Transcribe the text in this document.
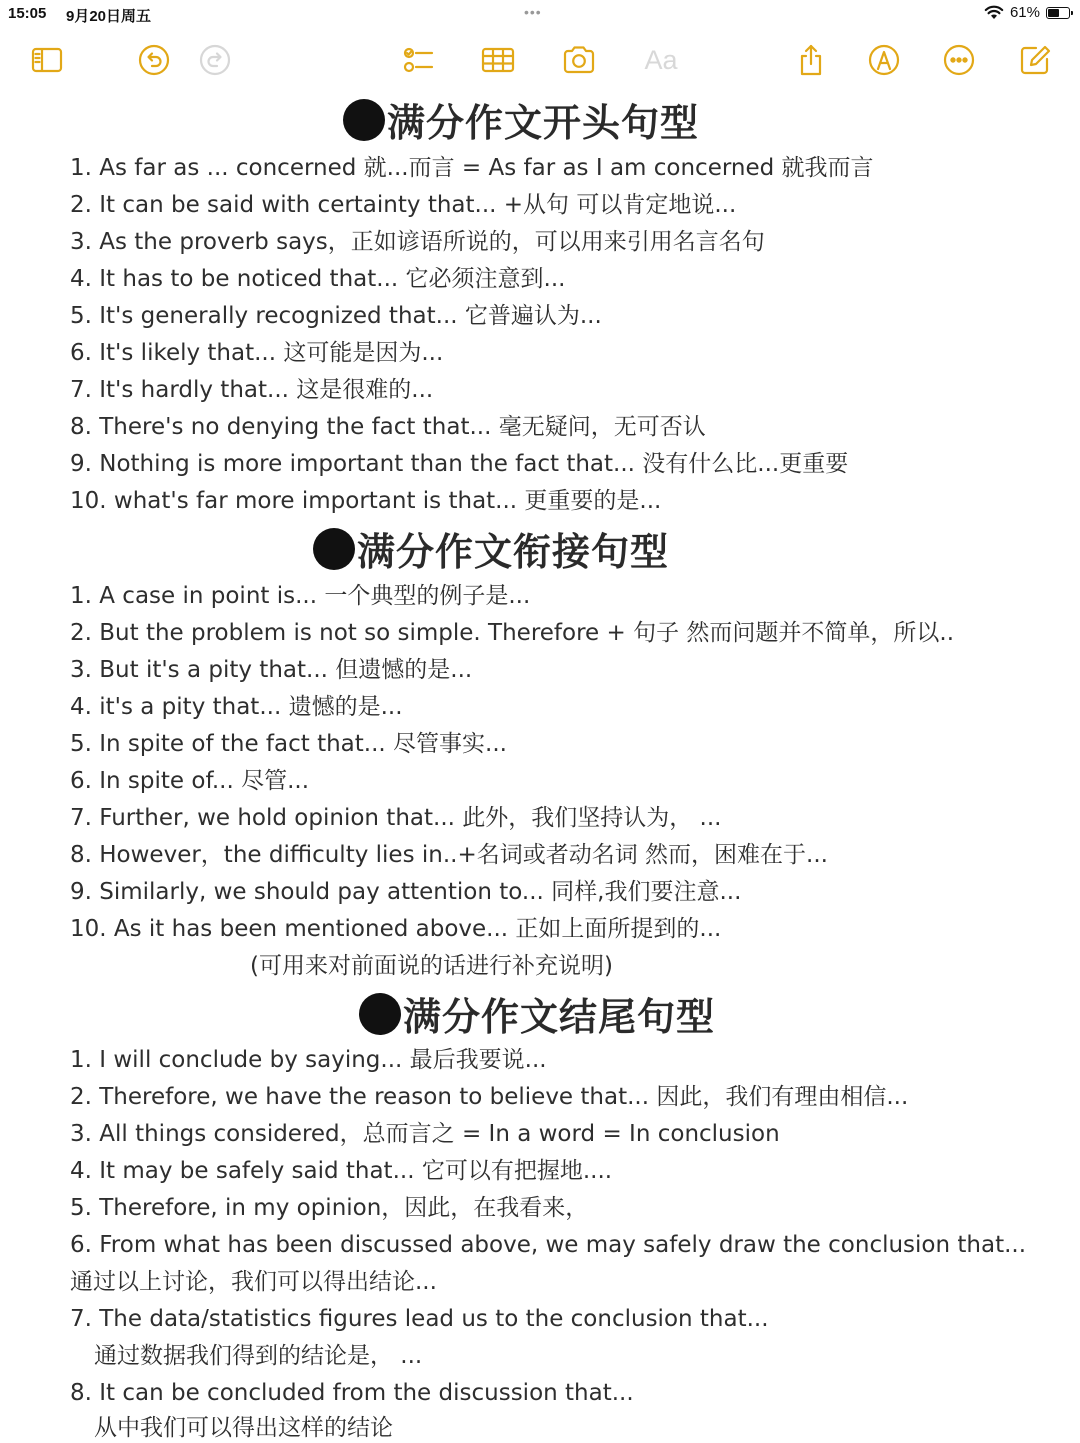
15:05 9月20日周五	•••	61%
Aa
满分作文开头句型
1. As far as ... concerned 就...而言 = As far as I am concerned 就我而言
2. It can be said with certainty that... +从句 可以肯定地说...
3. As the proverb says，正如谚语所说的，可以用来引用名言名句
4. It has to be noticed that... 它必须注意到...
5. It's generally recognized that... 它普遍认为...
6. It's likely that... 这可能是因为...
7. It's hardly that... 这是很难的...
8. There's no denying the fact that... 毫无疑问，无可否认
9. Nothing is more important than the fact that... 没有什么比...更重要
10. what's far more important is that... 更重要的是...
满分作文衔接句型
1. A case in point is... 一个典型的例子是...
2. But the problem is not so simple. Therefore + 句子 然而问题并不简单，所以..
3. But it's a pity that... 但遗憾的是...
4. it's a pity that... 遗憾的是...
5. In spite of the fact that... 尽管事实...
6. In spite of... 尽管...
7. Further, we hold opinion that... 此外，我们坚持认为， ...
8. However，the difficulty lies in..+名词或者动名词 然而，困难在于...
9. Similarly, we should pay attention to... 同样,我们要注意...
10. As it has been mentioned above... 正如上面所提到的...
(可用来对前面说的话进行补充说明)
满分作文结尾句型
1. I will conclude by saying... 最后我要说...
2. Therefore, we have the reason to believe that... 因此，我们有理由相信...
3. All things considered，总而言之 = In a word = In conclusion
4. It may be safely said that... 它可以有把握地....
5. Therefore, in my opinion，因此，在我看来，
6. From what has been discussed above, we may safely draw the conclusion that...
通过以上讨论，我们可以得出结论...
7. The data/statistics figures lead us to the conclusion that...
通过数据我们得到的结论是， ...
8. It can be concluded from the discussion that...
从中我们可以得出这样的结论
